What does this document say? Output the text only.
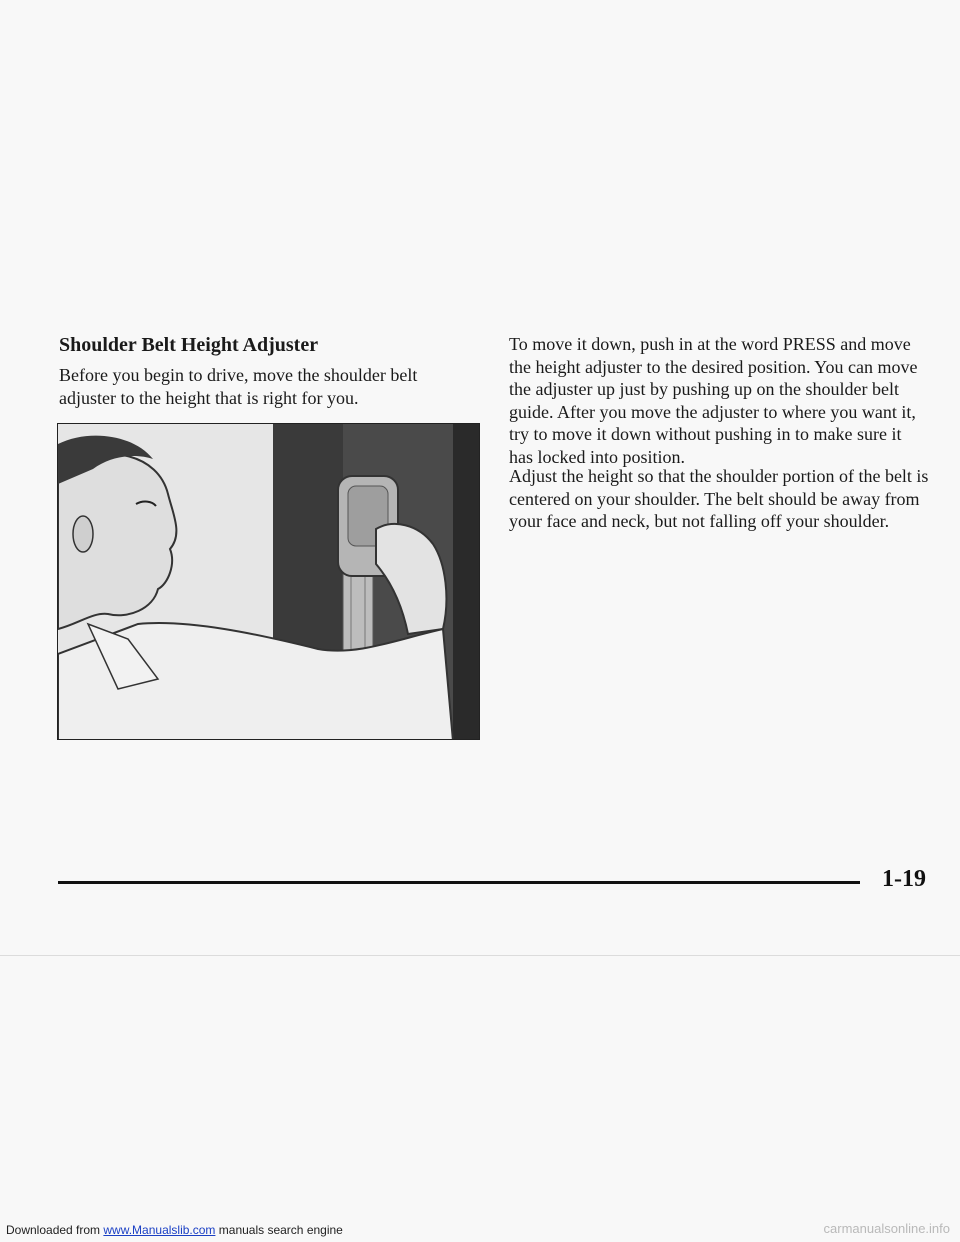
Shoulder Belt Height Adjuster

Before you begin to drive, move the shoulder belt adjuster to the height that is right for you.

To move it down, push in at the word PRESS and move the height adjuster to the desired position. You can move the adjuster up just by pushing up on the shoulder belt guide. After you move the adjuster to where you want it, try to move it down without pushing in to make sure it has locked into position.

Adjust the height so that the shoulder portion of the belt is centered on your shoulder. The belt should be away from your face and neck, but not falling off your shoulder.

1-19
Downloaded from www.Manualslib.com manuals search engine	carmanualsonline.info
